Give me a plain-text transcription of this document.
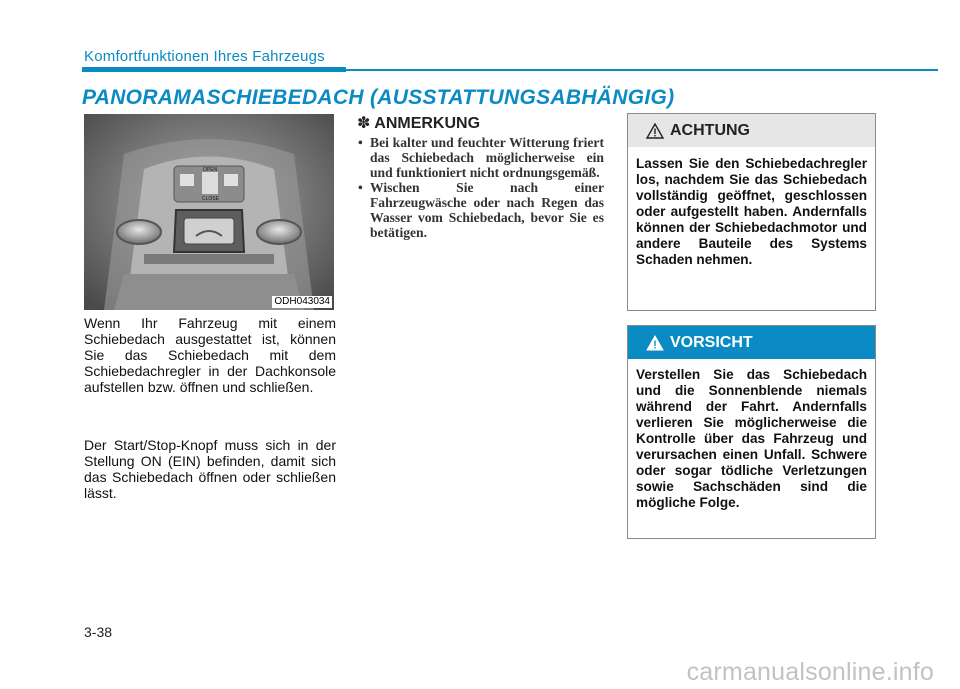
Komfortfunktionen Ihres Fahrzeugs
PANORAMASCHIEBEDACH (AUSSTATTUNGSABHÄNGIG)
OPEN
CLOSE
ODH043034
Wenn Ihr Fahrzeug mit einem Schiebedach ausgestattet ist, können Sie das Schiebedach mit dem Schiebedachregler in der Dachkonsole aufstellen bzw. öffnen und schließen.
Der Start/Stop-Knopf muss sich in der Stellung ON (EIN) befinden, damit sich das Schiebedach öffnen oder schließen lässt.
✽ ANMERKUNG
• Bei kalter und feuchter Witterung friert das Schiebedach möglicherweise ein und funktioniert nicht ordnungsgemäß.
• Wischen Sie nach einer Fahrzeugwäsche oder nach Regen das Wasser vom Schiebedach, bevor Sie es betätigen.
ACHTUNG
Lassen Sie den Schiebedachregler los, nachdem Sie das Schiebedach vollständig geöffnet, geschlossen oder aufgestellt haben. Andernfalls können der Schiebedachmotor und andere Bauteile des Systems Schaden nehmen.
VORSICHT
Verstellen Sie das Schiebedach und die Sonnenblende niemals während der Fahrt. Andernfalls verlieren Sie möglicherweise die Kontrolle über das Fahrzeug und verursachen einen Unfall. Schwere oder sogar tödliche Verletzungen sowie Sachschäden sind die mögliche Folge.
3-38
carmanualsonline.info
